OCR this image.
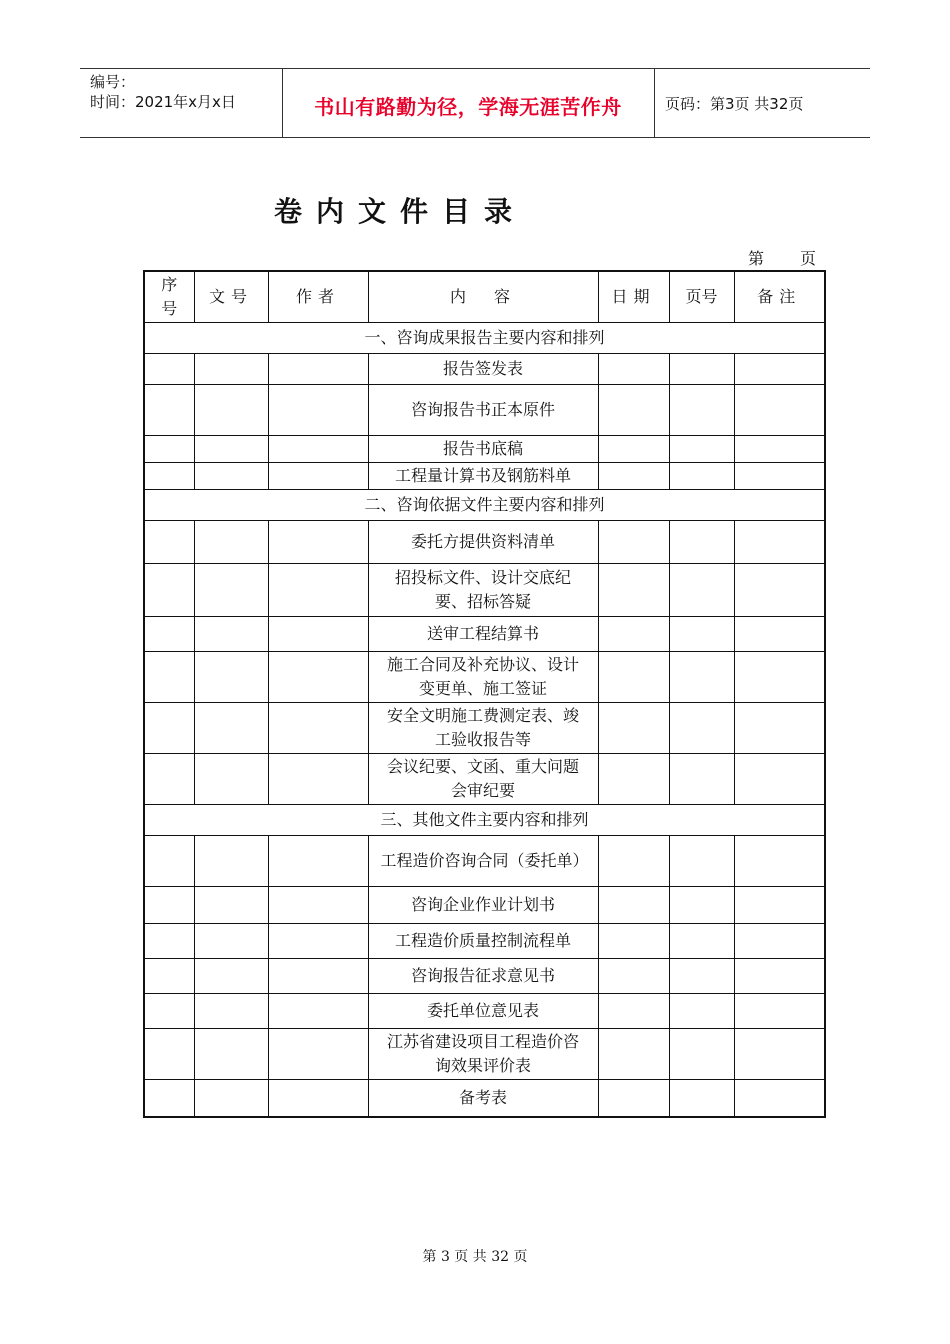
编号：
时间：2021年x月x日	书山有路勤为径，学海无涯苦作舟	页码：第3页 共32页
卷内文件目录
第 页
序号	文号	作者	内　容	日期	页号	备注
一、咨询成果报告主要内容和排列						
			报告签发表			
			咨询报告书正本原件			
			报告书底稿			
			工程量计算书及钢筋料单			
二、咨询依据文件主要内容和排列						
			委托方提供资料清单			
			招投标文件、设计交底纪要、招标答疑			
			送审工程结算书			
			施工合同及补充协议、设计变更单、施工签证			
			安全文明施工费测定表、竣工验收报告等			
			会议纪要、文函、重大问题会审纪要			
三、其他文件主要内容和排列						
			工程造价咨询合同（委托单）			
			咨询企业作业计划书			
			工程造价质量控制流程单			
			咨询报告征求意见书			
			委托单位意见表			
			江苏省建设项目工程造价咨询效果评价表			
			备考表			
第 3 页 共 32 页
